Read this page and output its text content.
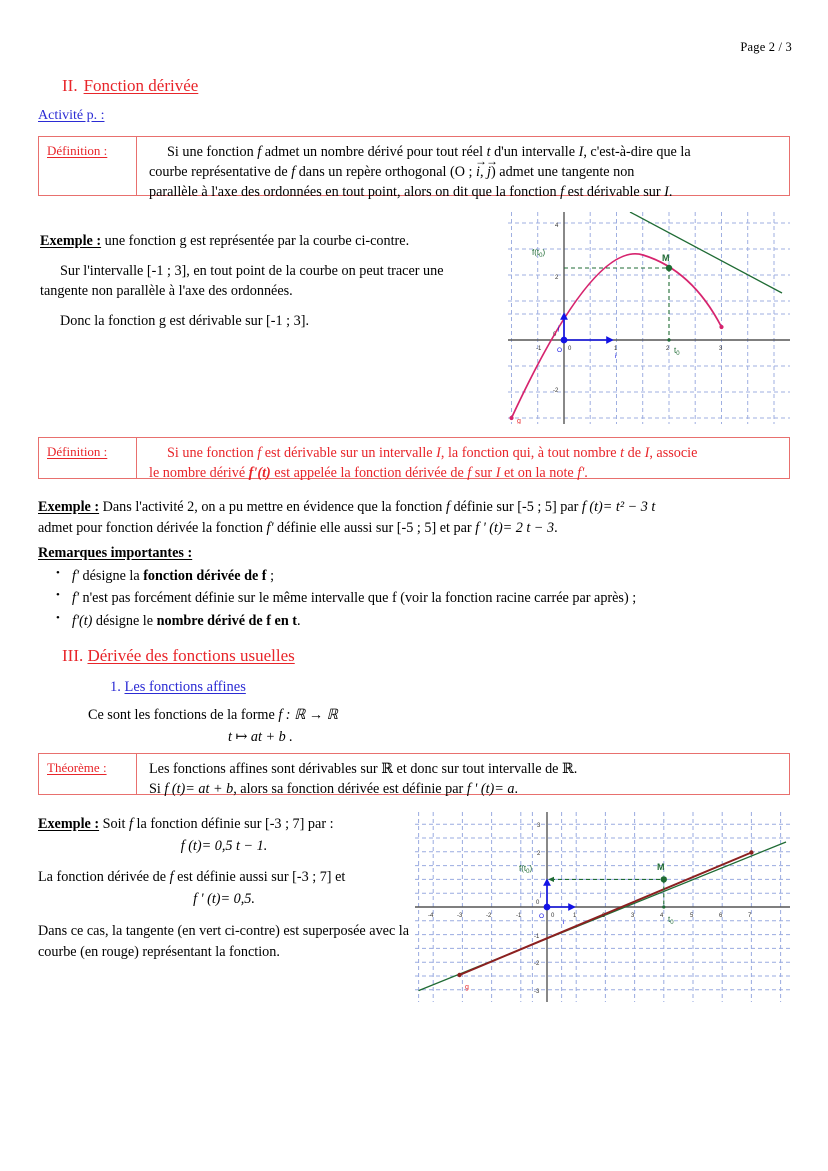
Page 2 / 3
II. Fonction dérivée
Activité p. :
Définition :	Si une fonction f admet un nombre dérivé pour tout réel t d'un intervalle I, c'est-à-dire que la

courbe représentative de f dans un repère orthogonal (O ; i →, j →) admet une tangente non

parallèle à l'axe des ordonnées en tout point, alors on dit que la fonction f est dérivable sur I.

Exemple : une fonction g est représentée par la courbe ci-contre.

Sur l'intervalle [-1 ; 3], en tout point de la courbe on peut tracer une tangente non parallèle à l'axe des ordonnées.

Donc la fonction g est dérivable sur [-1 ; 3].

-1	0	1	2	3
4
2
0
-2
g
M
$f(t_0)$
$t_0$
O
j
i
Définition :	Si une fonction f est dérivable sur un intervalle I, la fonction qui, à tout nombre t de I, associe

le nombre dérivé f'(t) est appelée la fonction dérivée de f sur I et on la note f'.

Exemple : Dans l'activité 2, on a pu mettre en évidence que la fonction f définie sur [-5 ; 5] par f (t)= t² − 3 t

admet pour fonction dérivée la fonction f' définie elle aussi sur [-5 ; 5] et par f ' (t)= 2 t − 3.

Remarques importantes :

• f' désigne la fonction dérivée de f ;
• f' n'est pas forcément définie sur le même intervalle que f (voir la fonction racine carrée par après) ;
• f'(t) désigne le nombre dérivé de f en t.
III. Dérivée des fonctions usuelles
1. Les fonctions affines

Ce sont les fonctions de la forme f : ℝ → ℝ

t ↦ at + b .

Théorème :	Les fonctions affines sont dérivables sur ℝ et donc sur tout intervalle de ℝ.

Si f (t)= at + b, alors sa fonction dérivée est définie par f ' (t)= a.

Exemple : Soit f la fonction définie sur [-3 ; 7] par :

f (t)= 0,5 t − 1.

La fonction dérivée de f est définie aussi sur [-3 ; 7] et

f ' (t)= 0,5.

Dans ce cas, la tangente (en vert ci-contre) est superposée avec la courbe (en rouge) représentant la fonction.

-4	-3	-2	-1	0	1	3	4	5	6	7
3
2
0
-1
-2
-3
g
M
$f(t_0)$
$t_0$
O
j
i
